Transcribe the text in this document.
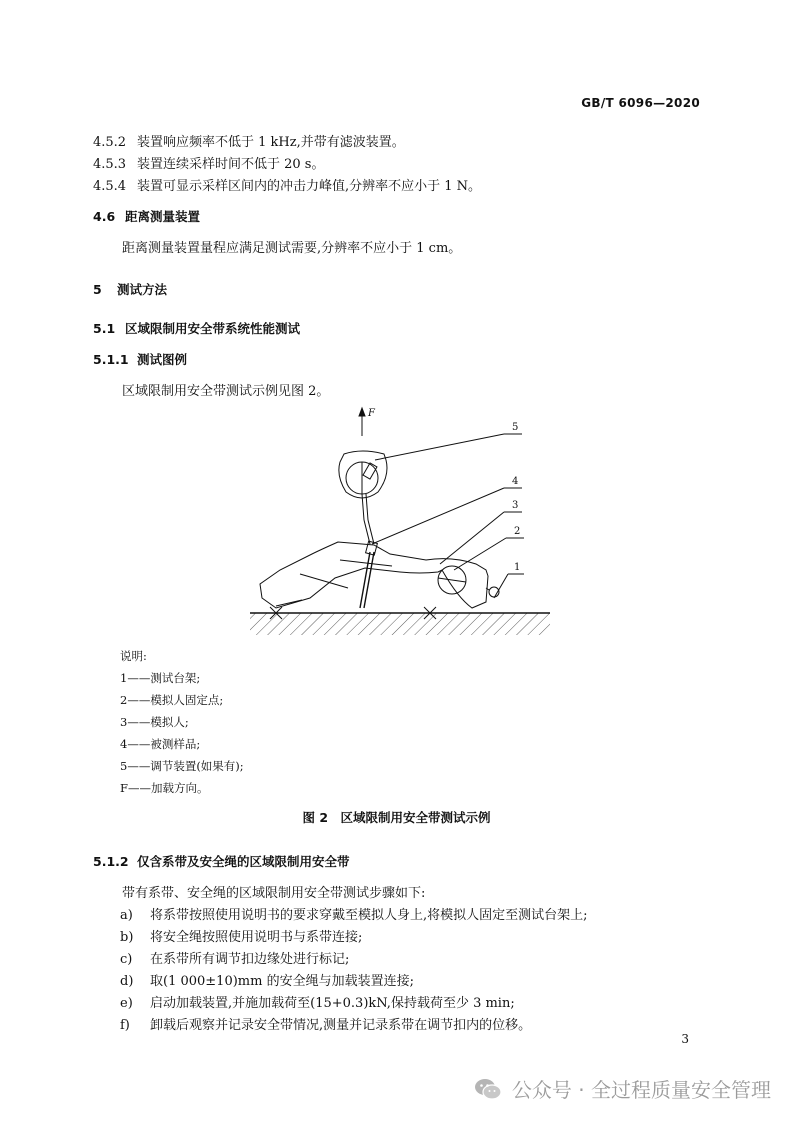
GB/T 6096—2020
4.5.2 装置响应频率不低于 1 kHz,并带有滤波装置。
4.5.3 装置连续采样时间不低于 20 s。
4.5.4 装置可显示采样区间内的冲击力峰值,分辨率不应小于 1 N。
4.6 距离测量装置
距离测量装置量程应满足测试需要,分辨率不应小于 1 cm。
5 测试方法
5.1 区域限制用安全带系统性能测试
5.1.1 测试图例
区域限制用安全带测试示例见图 2。
F
5
4
3
2
1
说明:
1——测试台架;
2——模拟人固定点;
3——模拟人;
4——被测样品;
5——调节装置(如果有);
F——加载方向。
图 2　区域限制用安全带测试示例
5.1.2 仅含系带及安全绳的区域限制用安全带
带有系带、安全绳的区域限制用安全带测试步骤如下:
a) 将系带按照使用说明书的要求穿戴至模拟人身上,将模拟人固定至测试台架上;
b) 将安全绳按照使用说明书与系带连接;
c) 在系带所有调节扣边缘处进行标记;
d) 取(1 000±10)mm 的安全绳与加载装置连接;
e) 启动加载装置,并施加载荷至(15+0.3)kN,保持载荷至少 3 min;
f) 卸载后观察并记录安全带情况,测量并记录系带在调节扣内的位移。
3
公众号 · 全过程质量安全管理
